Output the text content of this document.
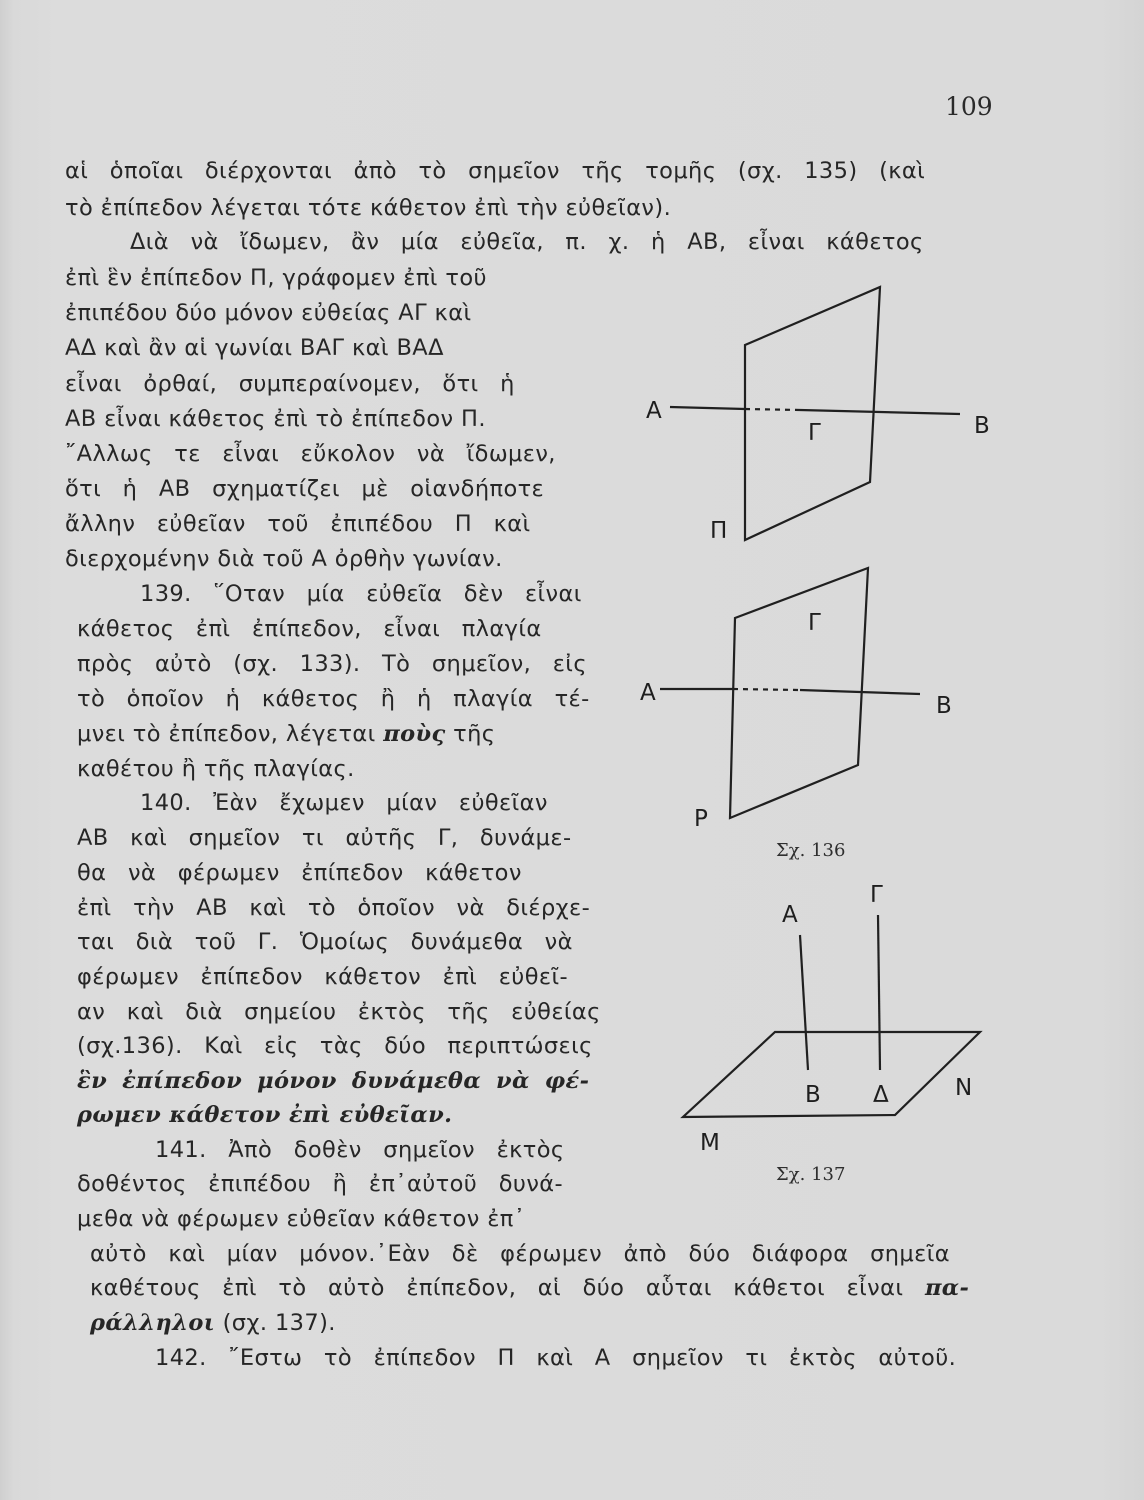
109
αἱ ὁποῖαι διέρχονται ἀπὸ τὸ σημεῖον τῆς τομῆς (σχ. 135) (καὶ
τὸ ἐπίπεδον λέγεται τότε κάθετον ἐπὶ τὴν εὐθεῖαν).
Διὰ νὰ ἴδωμεν, ἂν μία εὐθεῖα, π. χ. ἡ ΑΒ, εἶναι κάθετος
ἐπὶ ἓν ἐπίπεδον Π, γράφομεν ἐπὶ τοῦ
ἐπιπέδου δύο μόνον εὐθείας ΑΓ καὶ
ΑΔ καὶ ἂν αἱ γωνίαι ΒΑΓ καὶ ΒΑΔ
εἶναι ὀρθαί, συμπεραίνομεν, ὅτι ἡ
ΑΒ εἶναι κάθετος ἐπὶ τὸ ἐπίπεδον Π.
῎Αλλως τε εἶναι εὔκολον νὰ ἴδωμεν,
ὅτι ἡ ΑΒ σχηματίζει μὲ οἱανδήποτε
ἄλλην εὐθεῖαν τοῦ ἐπιπέδου Π καὶ
διερχομένην διὰ τοῦ Α ὀρθὴν γωνίαν.
139. ῞Οταν μία εὐθεῖα δὲν εἶναι
κάθετος ἐπὶ ἐπίπεδον, εἶναι πλαγία
πρὸς αὐτὸ (σχ. 133). Τὸ σημεῖον, εἰς
τὸ ὁποῖον ἡ κάθετος ἢ ἡ πλαγία τέ-
μνει τὸ ἐπίπεδον, λέγεται ποὺς τῆς
καθέτου ἢ τῆς πλαγίας.
140. Ἐὰν ἔχωμεν μίαν εὐθεῖαν
ΑΒ καὶ σημεῖον τι αὐτῆς Γ, δυνάμε-
θα νὰ φέρωμεν ἐπίπεδον κάθετον
ἐπὶ τὴν ΑΒ καὶ τὸ ὁποῖον νὰ διέρχε-
ται διὰ τοῦ Γ. Ὁμοίως δυνάμεθα νὰ
φέρωμεν ἐπίπεδον κάθετον ἐπὶ εὐθεῖ-
αν καὶ διὰ σημείου ἐκτὸς τῆς εὐθείας
(σχ.136). Καὶ εἰς τὰς δύο περιπτώσεις
ἓν ἐπίπεδον μόνον δυνάμεθα νὰ φέ-
ρωμεν κάθετον ἐπὶ εὐθεῖαν.
141. Ἀπὸ δοθὲν σημεῖον ἐκτὸς
δοθέντος ἐπιπέδου ἢ ἐπ᾿αὐτοῦ δυνά-
μεθα νὰ φέρωμεν εὐθεῖαν κάθετον ἐπ᾿
αὐτὸ καὶ μίαν μόνον.᾿Εὰν δὲ φέρωμεν ἀπὸ δύο διάφορα σημεῖα
καθέτους ἐπὶ τὸ αὐτὸ ἐπίπεδον, αἱ δύο αὗται κάθετοι εἶναι πα-
ράλληλοι (σχ. 137).
142. ῎Εστω τὸ ἐπίπεδον Π καὶ Α σημεῖον τι ἐκτὸς αὐτοῦ.
A
B
Γ
Π
A	B
Γ
P
A
Γ
B Δ	N
M
Σχ. 136
Σχ. 137
